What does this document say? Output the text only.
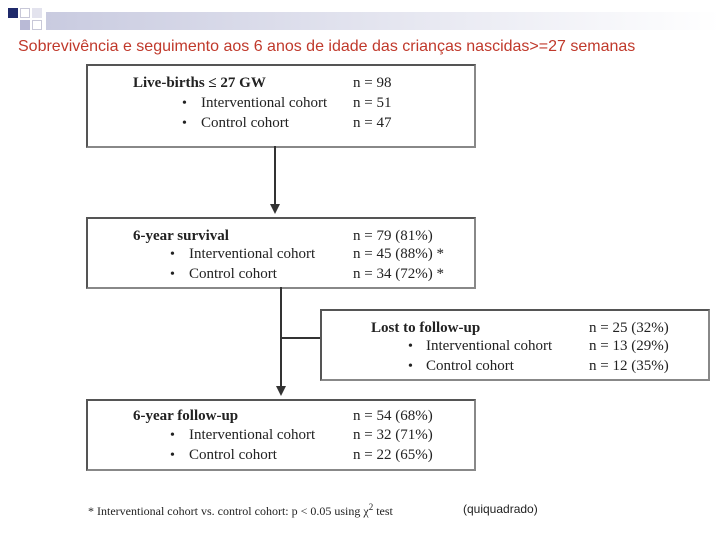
Sobrevivência e seguimento aos 6 anos de idade das crianças nascidas>=27 semanas
Live-births ≤ 27 GW	n = 98
• Interventional cohort n = 51
• Control cohort	n = 47
6-year survival	n = 79 (81%)
• Interventional cohort	n = 45 (88%) *
• Control cohort	n = 34 (72%) *
Lost to follow-up	n = 25 (32%)
• Interventional cohort n = 13 (29%)
• Control cohort	n = 12 (35%)
6-year follow-up	n = 54 (68%)
• Interventional cohort	n = 32 (71%)
• Control cohort	n = 22 (65%)
* Interventional cohort vs. control cohort: p < 0.05 using $\chi^2$ test	(quiquadrado)
